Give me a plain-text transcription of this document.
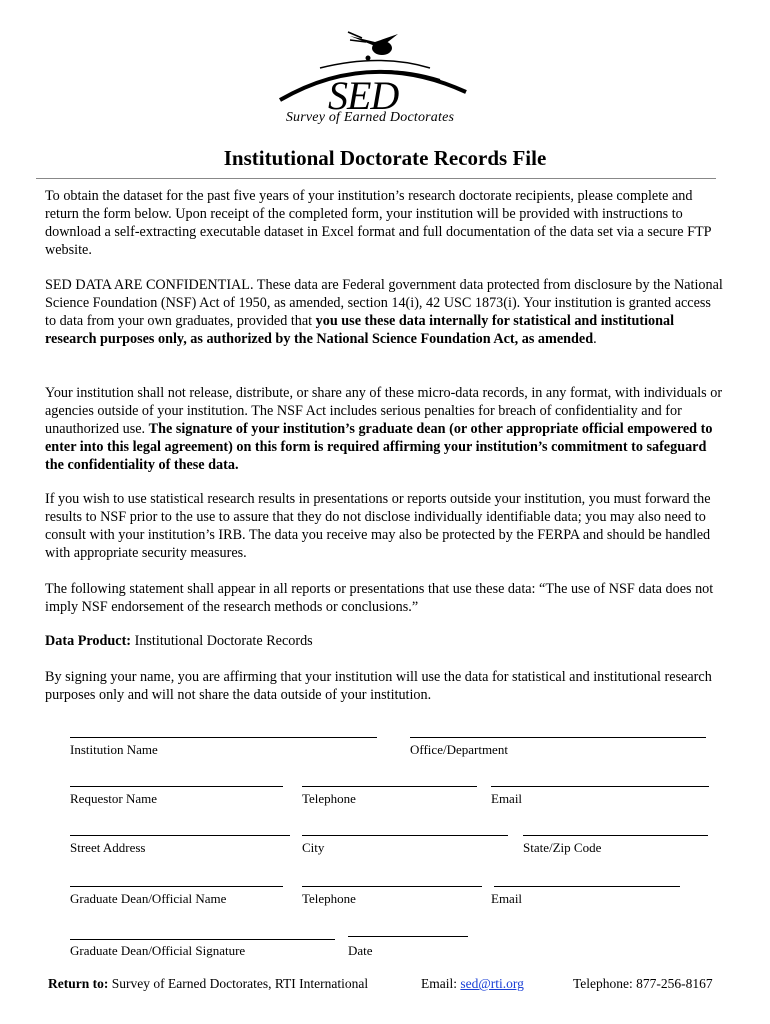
SED
Survey of Earned Doctorates
Institutional Doctorate Records File

To obtain the dataset for the past five years of your institution’s research doctorate recipients, please complete and return the form below. Upon receipt of the completed form, your institution will be provided with instructions to download a self-extracting executable dataset in Excel format and full documentation of the data set via a secure FTP website.

SED DATA ARE CONFIDENTIAL. These data are Federal government data protected from disclosure by the National Science Foundation (NSF) Act of 1950, as amended, section 14(i), 42 USC 1873(i). Your institution is granted access to data from your own graduates, provided that you use these data internally for statistical and institutional research purposes only, as authorized by the National Science Foundation Act, as amended.

Your institution shall not release, distribute, or share any of these micro-data records, in any format, with individuals or agencies outside of your institution. The NSF Act includes serious penalties for breach of confidentiality and for unauthorized use. The signature of your institution’s graduate dean (or other appropriate official empowered to enter into this legal agreement) on this form is required affirming your institution’s commitment to safeguard the confidentiality of these data.

If you wish to use statistical research results in presentations or reports outside your institution, you must forward the results to NSF prior to the use to assure that they do not disclose individually identifiable data; you may also need to consult with your institution’s IRB. The data you receive may also be protected by the FERPA and should be handled with appropriate security measures.

The following statement shall appear in all reports or presentations that use these data: “The use of NSF data does not imply NSF endorsement of the research methods or conclusions.”

Data Product: Institutional Doctorate Records

By signing your name, you are affirming that your institution will use the data for statistical and institutional research purposes only and will not share the data outside of your institution.

Institution Name	Office/Department
Requestor Name	Telephone	Email
Street Address	City	State/Zip Code
Graduate Dean/Official Name	Telephone	Email
Graduate Dean/Official Signature	Date
Return to: Survey of Earned Doctorates, RTI International	Email: sed@rti.org	Telephone: 877-256-8167
